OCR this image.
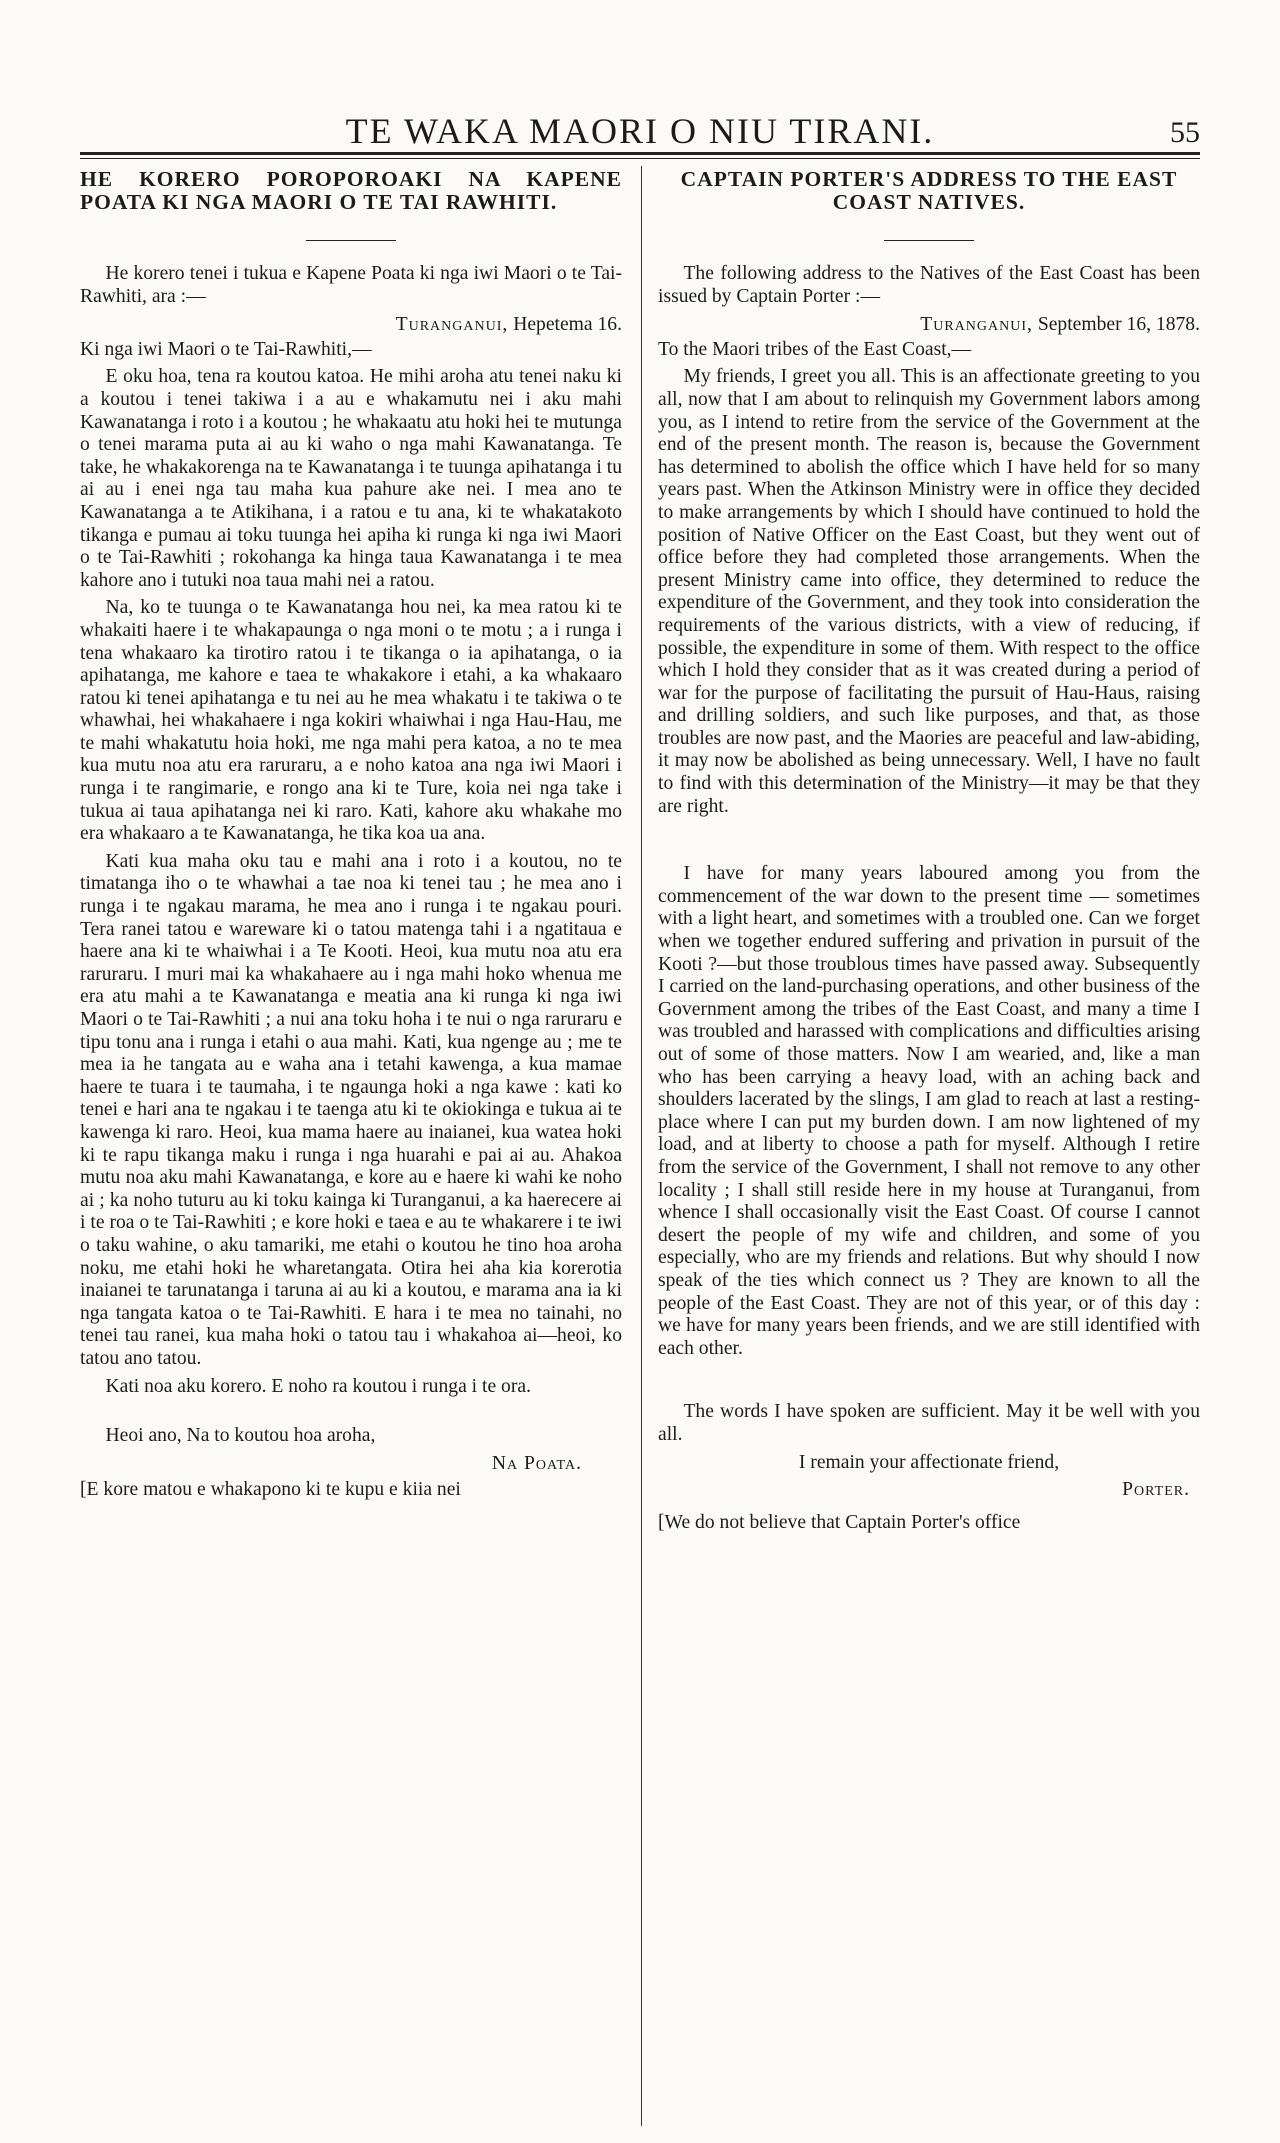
TE WAKA MAORI O NIU TIRANI.	55
HE KORERO POROPOROAKI NA KAPENE POATA KI NGA MAORI O TE TAI RAWHITI.

He korero tenei i tukua e Kapene Poata ki nga iwi Maori o te Tai-Rawhiti, ara :—

Turanganui, Hepetema 16.

Ki nga iwi Maori o te Tai-Rawhiti,—

E oku hoa, tena ra koutou katoa. He mihi aroha atu tenei naku ki a koutou i tenei takiwa i a au e whakamutu nei i aku mahi Kawanatanga i roto i a koutou ; he whakaatu atu hoki hei te mutunga o tenei marama puta ai au ki waho o nga mahi Kawanatanga. Te take, he whakakorenga na te Kawanatanga i te tuunga apihatanga i tu ai au i enei nga tau maha kua pahure ake nei. I mea ano te Kawanatanga a te Atikihana, i a ratou e tu ana, ki te whakatakoto tikanga e pumau ai toku tuunga hei apiha ki runga ki nga iwi Maori o te Tai-Rawhiti ; rokohanga ka hinga taua Kawanatanga i te mea kahore ano i tutuki noa taua mahi nei a ratou.

Na, ko te tuunga o te Kawanatanga hou nei, ka mea ratou ki te whakaiti haere i te whakapaunga o nga moni o te motu ; a i runga i tena whakaaro ka tirotiro ratou i te tikanga o ia apihatanga, o ia apihatanga, me kahore e taea te whakakore i etahi, a ka whakaaro ratou ki tenei apihatanga e tu nei au he mea whakatu i te takiwa o te whawhai, hei whakahaere i nga kokiri whaiwhai i nga Hau-Hau, me te mahi whakatutu hoia hoki, me nga mahi pera katoa, a no te mea kua mutu noa atu era raruraru, a e noho katoa ana nga iwi Maori i runga i te rangimarie, e rongo ana ki te Ture, koia nei nga take i tukua ai taua apihatanga nei ki raro. Kati, kahore aku whakahe mo era whakaaro a te Kawanatanga, he tika koa ua ana.

Kati kua maha oku tau e mahi ana i roto i a koutou, no te timatanga iho o te whawhai a tae noa ki tenei tau ; he mea ano i runga i te ngakau marama, he mea ano i runga i te ngakau pouri. Tera ranei tatou e wareware ki o tatou matenga tahi i a ngatitaua e haere ana ki te whaiwhai i a Te Kooti. Heoi, kua mutu noa atu era raruraru. I muri mai ka whakahaere au i nga mahi hoko whenua me era atu mahi a te Kawanatanga e meatia ana ki runga ki nga iwi Maori o te Tai-Rawhiti ; a nui ana toku hoha i te nui o nga raruraru e tipu tonu ana i runga i etahi o aua mahi. Kati, kua ngenge au ; me te mea ia he tangata au e waha ana i tetahi kawenga, a kua mamae haere te tuara i te taumaha, i te ngaunga hoki a nga kawe : kati ko tenei e hari ana te ngakau i te taenga atu ki te okiokinga e tukua ai te kawenga ki raro. Heoi, kua mama haere au inaianei, kua watea hoki ki te rapu tikanga maku i runga i nga huarahi e pai ai au. Ahakoa mutu noa aku mahi Kawanatanga, e kore au e haere ki wahi ke noho ai ; ka noho tuturu au ki toku kainga ki Turanganui, a ka haerecere ai i te roa o te Tai-Rawhiti ; e kore hoki e taea e au te whakarere i te iwi o taku wahine, o aku tamariki, me etahi o koutou he tino hoa aroha noku, me etahi hoki he wharetangata. Otira hei aha kia korerotia inaianei te tarunatanga i taruna ai au ki a koutou, e marama ana ia ki nga tangata katoa o te Tai-Rawhiti. E hara i te mea no tainahi, no tenei tau ranei, kua maha hoki o tatou tau i whakahoa ai—heoi, ko tatou ano tatou.

Kati noa aku korero. E noho ra koutou i runga i te ora.

Heoi ano, Na to koutou hoa aroha,

Na Poata.

[E kore matou e whakapono ki te kupu e kiia nei

CAPTAIN PORTER'S ADDRESS TO THE EAST COAST NATIVES.

The following address to the Natives of the East Coast has been issued by Captain Porter :—

Turanganui, September 16, 1878.

To the Maori tribes of the East Coast,—

My friends, I greet you all. This is an affectionate greeting to you all, now that I am about to relinquish my Government labors among you, as I intend to retire from the service of the Government at the end of the present month. The reason is, because the Government has determined to abolish the office which I have held for so many years past. When the Atkinson Ministry were in office they decided to make arrangements by which I should have continued to hold the position of Native Officer on the East Coast, but they went out of office before they had completed those arrangements. When the present Ministry came into office, they determined to reduce the expenditure of the Government, and they took into consideration the requirements of the various districts, with a view of reducing, if possible, the expenditure in some of them. With respect to the office which I hold they consider that as it was created during a period of war for the purpose of facilitating the pursuit of Hau-Haus, raising and drilling soldiers, and such like purposes, and that, as those troubles are now past, and the Maories are peaceful and law-abiding, it may now be abolished as being unnecessary. Well, I have no fault to find with this determination of the Ministry—it may be that they are right.

I have for many years laboured among you from the commencement of the war down to the present time — sometimes with a light heart, and sometimes with a troubled one. Can we forget when we together endured suffering and privation in pursuit of the Kooti ?—but those troublous times have passed away. Subsequently I carried on the land-purchasing operations, and other business of the Government among the tribes of the East Coast, and many a time I was troubled and harassed with complications and difficulties arising out of some of those matters. Now I am wearied, and, like a man who has been carrying a heavy load, with an aching back and shoulders lacerated by the slings, I am glad to reach at last a resting-place where I can put my burden down. I am now lightened of my load, and at liberty to choose a path for myself. Although I retire from the service of the Government, I shall not remove to any other locality ; I shall still reside here in my house at Turanganui, from whence I shall occasionally visit the East Coast. Of course I cannot desert the people of my wife and children, and some of you especially, who are my friends and relations. But why should I now speak of the ties which connect us ? They are known to all the people of the East Coast. They are not of this year, or of this day : we have for many years been friends, and we are still identified with each other.

The words I have spoken are sufficient. May it be well with you all.

I remain your affectionate friend,

Porter.

[We do not believe that Captain Porter's office
